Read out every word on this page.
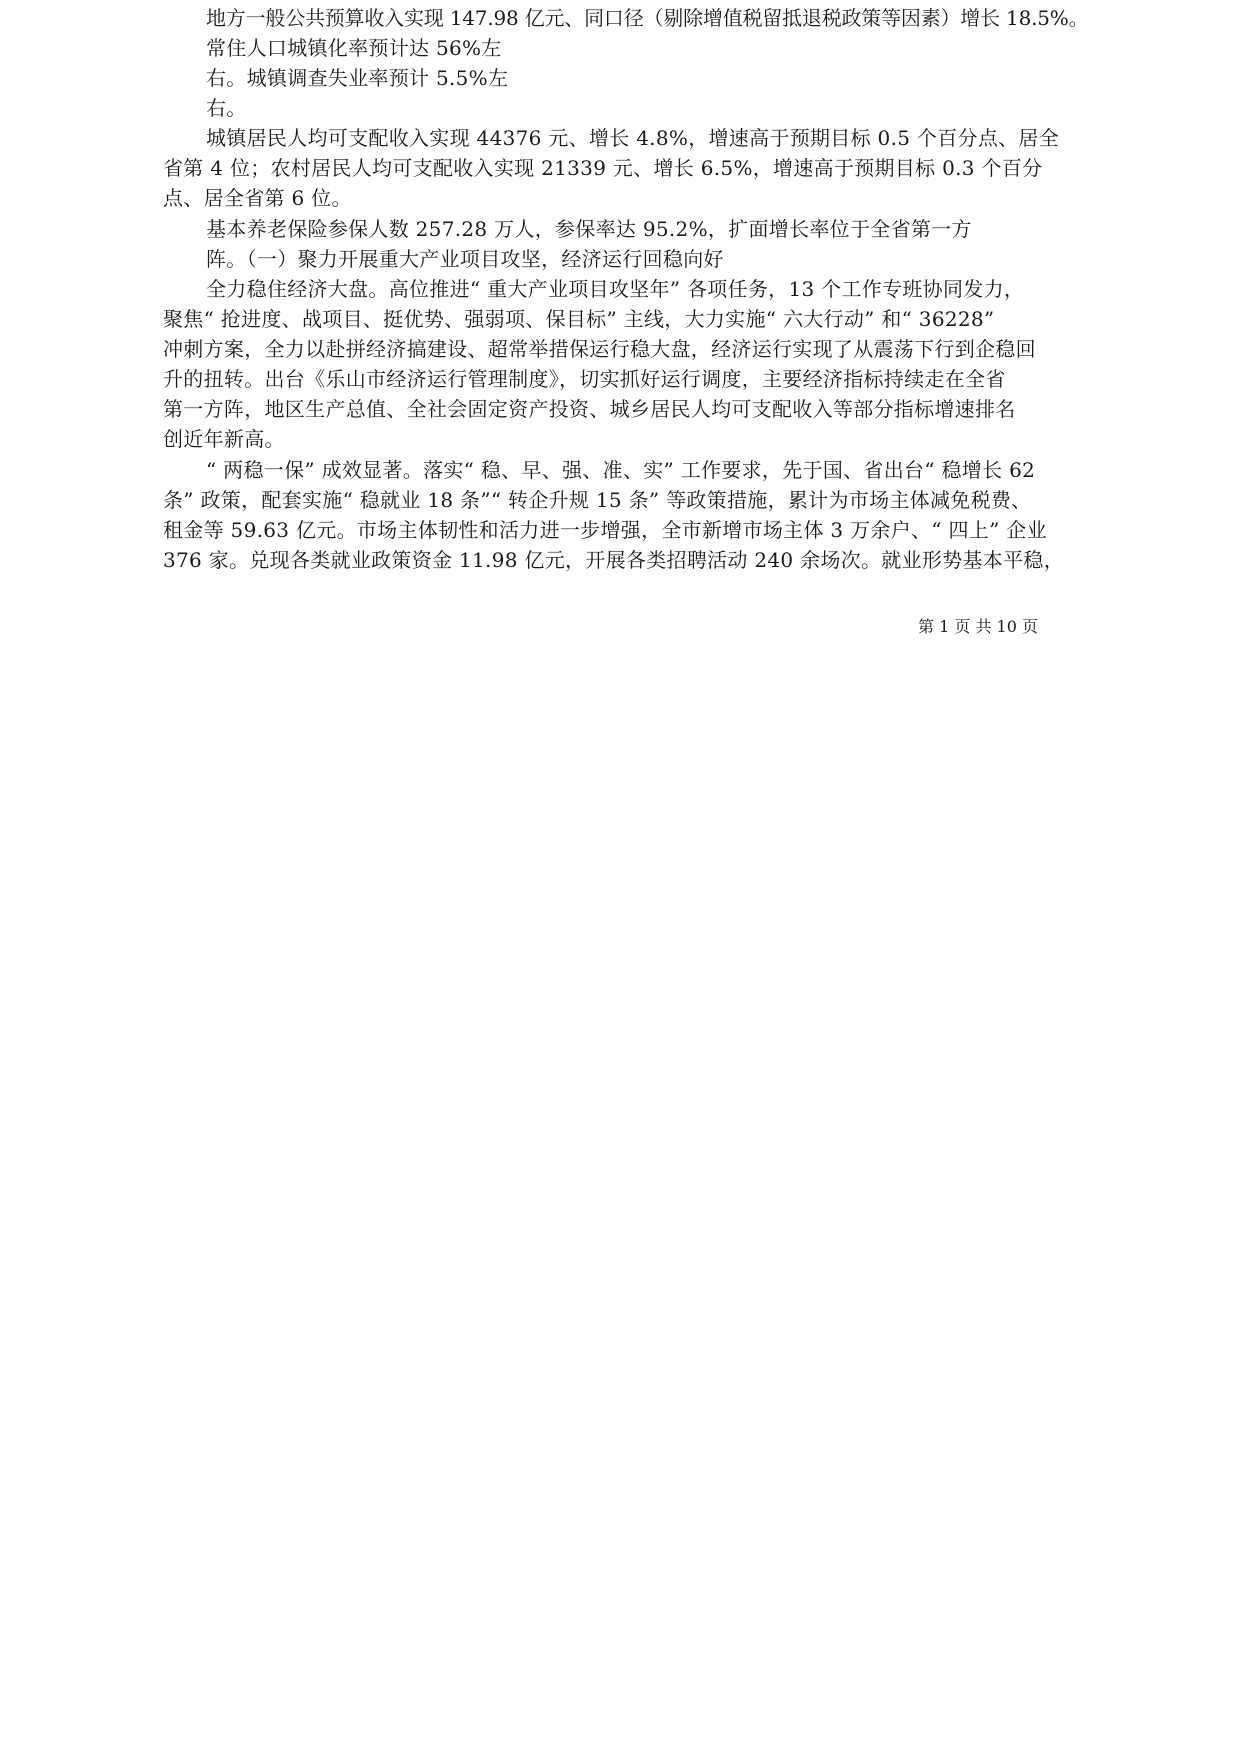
地方一般公共预算收入实现 147.98 亿元、同口径（剔除增值税留抵退税政策等因素）增长 18.5%。
常住人口城镇化率预计达 56%左
右。城镇调查失业率预计 5.5%左
右。
城镇居民人均可支配收入实现 44376 元、增长 4.8%，增速高于预期目标 0.5 个百分点、居全
省第 4 位；农村居民人均可支配收入实现 21339 元、增长 6.5%，增速高于预期目标 0.3 个百分
点、居全省第 6 位。
基本养老保险参保人数 257.28 万人，参保率达 95.2%，扩面增长率位于全省第一方
阵。（一）聚力开展重大产业项目攻坚，经济运行回稳向好
全力稳住经济大盘。高位推进“ 重大产业项目攻坚年” 各项任务，13 个工作专班协同发力，
聚焦“ 抢进度、战项目、挺优势、强弱项、保目标” 主线，大力实施“ 六大行动” 和“ 36228”
冲刺方案，全力以赴拼经济搞建设、超常举措保运行稳大盘，经济运行实现了从震荡下行到企稳回
升的扭转。出台《乐山市经济运行管理制度》，切实抓好运行调度，主要经济指标持续走在全省
第一方阵，地区生产总值、全社会固定资产投资、城乡居民人均可支配收入等部分指标增速排名
创近年新高。
“ 两稳一保” 成效显著。落实“ 稳、早、强、准、实” 工作要求，先于国、省出台“ 稳增长 62
条” 政策，配套实施“ 稳就业 18 条”“ 转企升规 15 条” 等政策措施，累计为市场主体减免税费、
租金等 59.63 亿元。市场主体韧性和活力进一步增强，全市新增市场主体 3 万余户、“ 四上” 企业
376 家。兑现各类就业政策资金 11.98 亿元，开展各类招聘活动 240 余场次。就业形势基本平稳，
第 1 页 共 10 页
